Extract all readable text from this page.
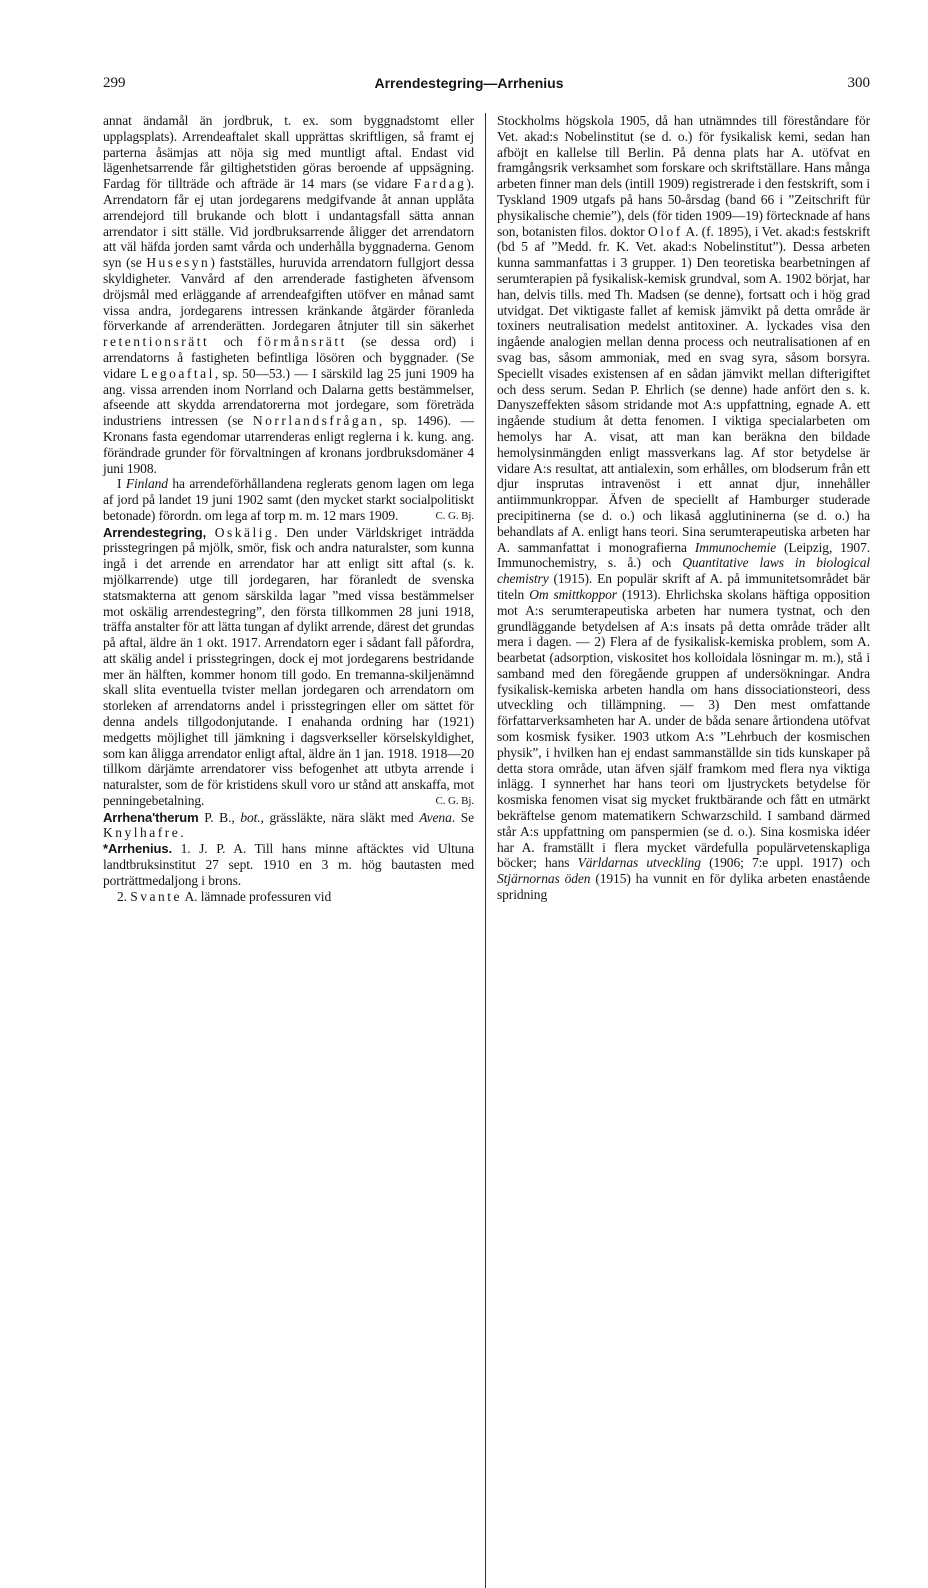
299	Arrendestegring—Arrhenius	300

annat ändamål än jordbruk, t. ex. som byggnadstomt eller upplagsplats). Arrendeaftalet skall upprättas skriftligen, så framt ej parterna åsämjas att nöja sig med muntligt aftal. Endast vid lägenhetsarrende får giltighetstiden göras beroende af uppsägning. Fardag för tillträde och afträde är 14 mars (se vidare Fardag). Arrendatorn får ej utan jordegarens medgifvande åt annan upplåta arrendejord till brukande och blott i undantagsfall sätta annan arrendator i sitt ställe. Vid jordbruksarrende åligger det arrendatorn att väl häfda jorden samt vårda och underhålla byggnaderna. Genom syn (se Husesyn) fastställes, huruvida arrendatorn fullgjort dessa skyldigheter. Vanvård af den arrenderade fastigheten äfvensom dröjsmål med erläggande af arrendeafgiften utöfver en månad samt vissa andra, jordegarens intressen kränkande åtgärder föranleda förverkande af arrenderätten. Jordegaren åtnjuter till sin säkerhet retentionsrätt och förmånsrätt (se dessa ord) i arrendatorns å fastigheten befintliga lösören och byggnader. (Se vidare Legoaftal, sp. 50—53.) — I särskild lag 25 juni 1909 ha ang. vissa arrenden inom Norrland och Dalarna getts bestämmelser, afseende att skydda arrendatorerna mot jordegare, som företräda industriens intressen (se Norrlandsfrågan, sp. 1496). — Kronans fasta egendomar utarrenderas enligt reglerna i k. kung. ang. förändrade grunder för förvaltningen af kronans jordbruksdomäner 4 juni 1908.

I Finland ha arrendeförhållandena reglerats genom lagen om lega af jord på landet 19 juni 1902 samt (den mycket starkt socialpolitiskt betonade) förordn. om lega af torp m. m. 12 mars 1909.	C. G. Bj.

Arrendestegring, Oskälig. Den under Världskriget inträdda prisstegringen på mjölk, smör, fisk och andra naturalster, som kunna ingå i det arrende en arrendator har att enligt sitt aftal (s. k. mjölkarrende) utge till jordegaren, har föranledt de svenska statsmakterna att genom särskilda lagar ”med vissa bestämmelser mot oskälig arrendestegring”, den första tillkommen 28 juni 1918, träffa anstalter för att lätta tungan af dylikt arrende, därest det grundas på aftal, äldre än 1 okt. 1917. Arrendatorn eger i sådant fall påfordra, att skälig andel i prisstegringen, dock ej mot jordegarens bestridande mer än hälften, kommer honom till godo. En tremanna-skiljenämnd skall slita eventuella tvister mellan jordegaren och arrendatorn om storleken af arrendatorns andel i prisstegringen eller om sättet för denna andels tillgodonjutande. I enahanda ordning har (1921) medgetts möjlighet till jämkning i dagsverkseller körselskyldighet, som kan åligga arrendator enligt aftal, äldre än 1 jan. 1918. 1918—20 tillkom därjämte arrendatorer viss befogenhet att utbyta arrende i naturalster, som de för kristidens skull voro ur stånd att anskaffa, mot penningebetalning.	C. G. Bj.

Arrhena'therum P. B., bot., grässläkte, nära släkt med Avena. Se Knylhafre.

*Arrhenius. 1. J. P. A. Till hans minne aftäcktes vid Ultuna landtbruksinstitut 27 sept. 1910 en 3 m. hög bautasten med porträttmedaljong i brons.

2. Svante A. lämnade professuren vid

Stockholms högskola 1905, då han utnämndes till föreståndare för Vet. akad:s Nobelinstitut (se d. o.) för fysikalisk kemi, sedan han afböjt en kallelse till Berlin. På denna plats har A. utöfvat en framgångsrik verksamhet som forskare och skriftställare. Hans många arbeten finner man dels (intill 1909) registrerade i den festskrift, som i Tyskland 1909 utgafs på hans 50-årsdag (band 66 i ”Zeitschrift für physikalische chemie”), dels (för tiden 1909—19) förtecknade af hans son, botanisten filos. doktor Olof A. (f. 1895), i Vet. akad:s festskrift (bd 5 af ”Medd. fr. K. Vet. akad:s Nobelinstitut”). Dessa arbeten kunna sammanfattas i 3 grupper. 1) Den teoretiska bearbetningen af serumterapien på fysikalisk-kemisk grundval, som A. 1902 börjat, har han, delvis tills. med Th. Madsen (se denne), fortsatt och i hög grad utvidgat. Det viktigaste fallet af kemisk jämvikt på detta område är toxiners neutralisation medelst antitoxiner. A. lyckades visa den ingående analogien mellan denna process och neutralisationen af en svag bas, såsom ammoniak, med en svag syra, såsom borsyra. Speciellt visades existensen af en sådan jämvikt mellan difterigiftet och dess serum. Sedan P. Ehrlich (se denne) hade anfört den s. k. Danyszeffekten såsom stridande mot A:s uppfattning, egnade A. ett ingående studium åt detta fenomen. I viktiga specialarbeten om hemolys har A. visat, att man kan beräkna den bildade hemolysinmängden enligt massverkans lag. Af stor betydelse är vidare A:s resultat, att antialexin, som erhålles, om blodserum från ett djur insprutas intravenöst i ett annat djur, innehåller antiimmunkroppar. Äfven de speciellt af Hamburger studerade precipitinerna (se d. o.) och likaså agglutininerna (se d. o.) ha behandlats af A. enligt hans teori. Sina serumterapeutiska arbeten har A. sammanfattat i monografierna Immunochemie (Leipzig, 1907. Immunochemistry, s. å.) och Quantitative laws in biological chemistry (1915). En populär skrift af A. på immunitetsområdet bär titeln Om smittkoppor (1913). Ehrlichska skolans häftiga opposition mot A:s serumterapeutiska arbeten har numera tystnat, och den grundläggande betydelsen af A:s insats på detta område träder allt mera i dagen. — 2) Flera af de fysikalisk-kemiska problem, som A. bearbetat (adsorption, viskositet hos kolloidala lösningar m. m.), stå i samband med den föregående gruppen af undersökningar. Andra fysikalisk-kemiska arbeten handla om hans dissociationsteori, dess utveckling och tillämpning. — 3) Den mest omfattande författarverksamheten har A. under de båda senare årtiondena utöfvat som kosmisk fysiker. 1903 utkom A:s ”Lehrbuch der kosmischen physik”, i hvilken han ej endast sammanställde sin tids kunskaper på detta stora område, utan äfven själf framkom med flera nya viktiga inlägg. I synnerhet har hans teori om ljustryckets betydelse för kosmiska fenomen visat sig mycket fruktbärande och fått en utmärkt bekräftelse genom matematikern Schwarzschild. I samband därmed står A:s uppfattning om panspermien (se d. o.). Sina kosmiska idéer har A. framställt i flera mycket värdefulla populärvetenskapliga böcker; hans Världarnas utveckling (1906; 7:e uppl. 1917) och Stjärnornas öden (1915) ha vunnit en för dylika arbeten enastående spridning
